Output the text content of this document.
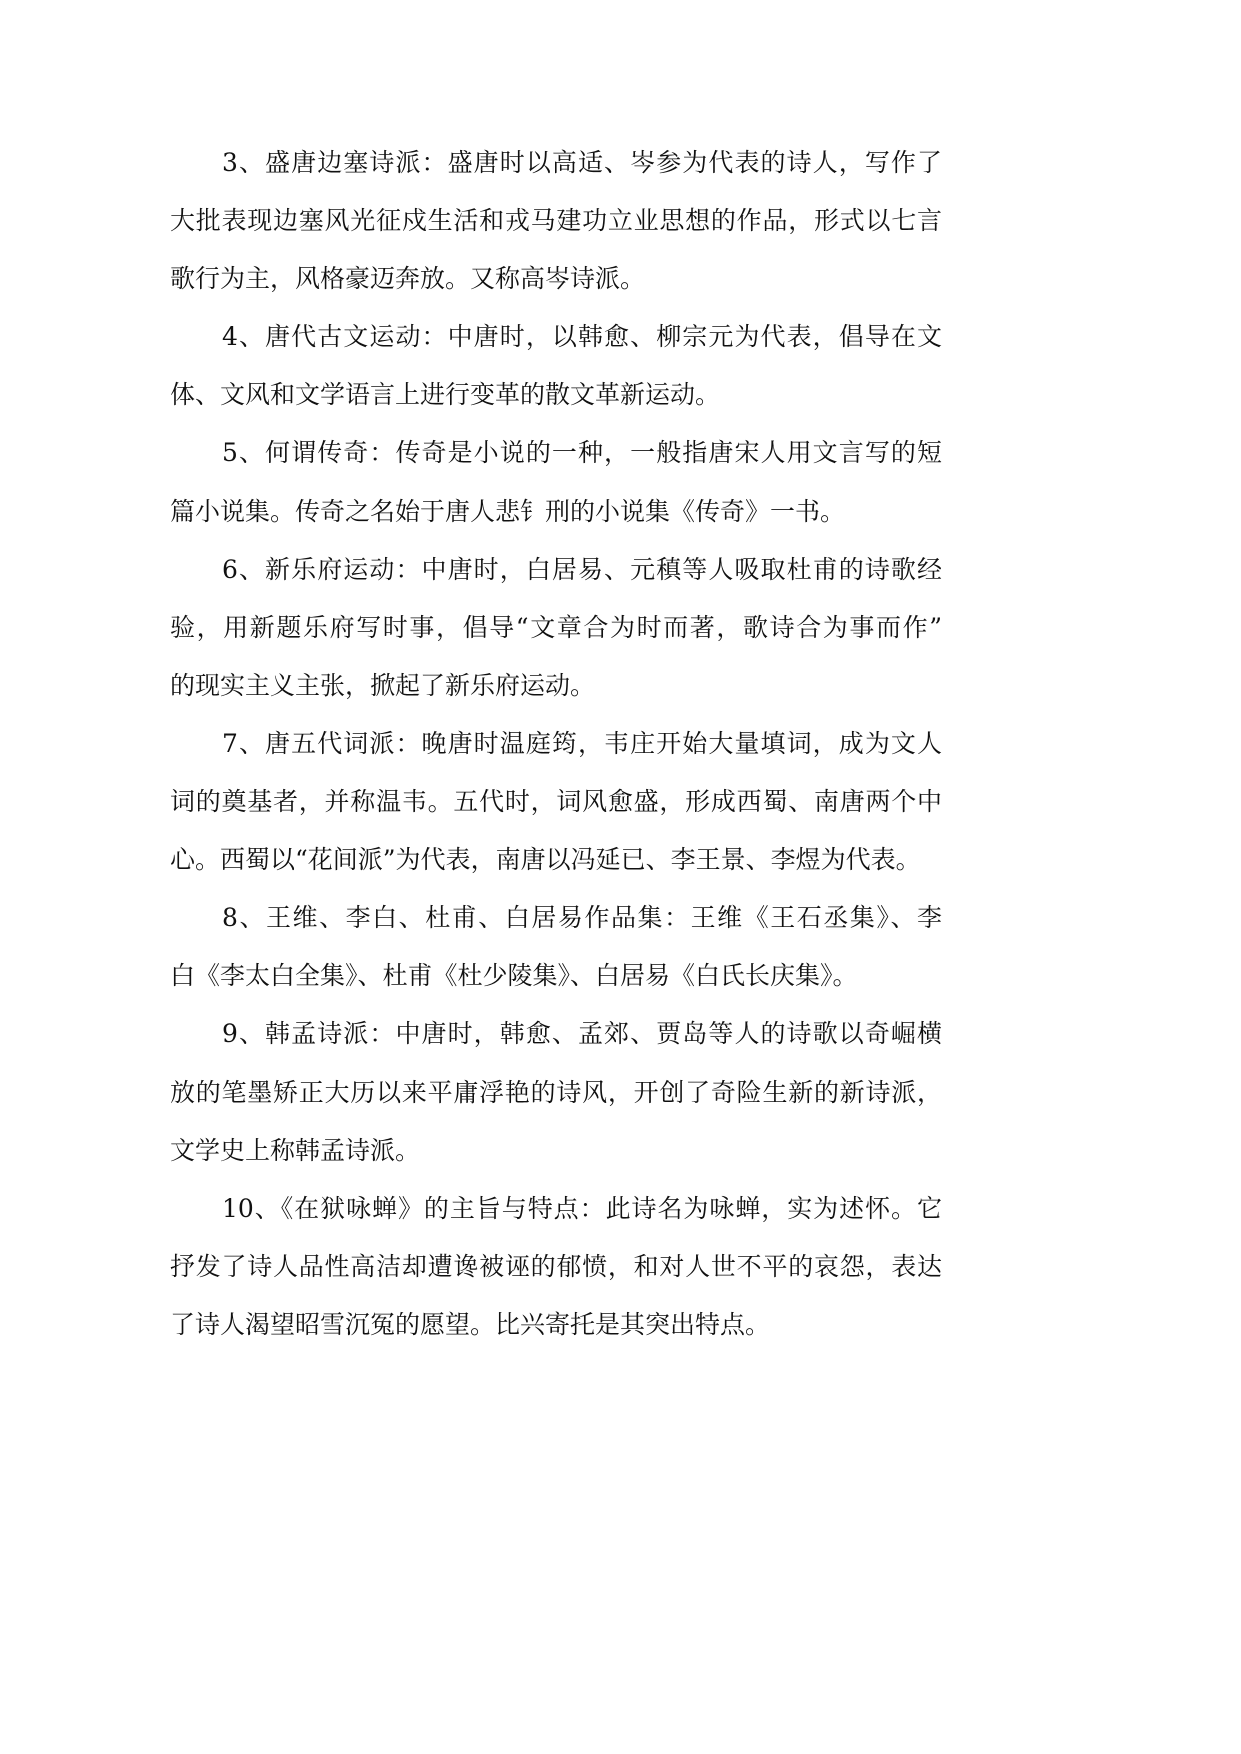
3、盛唐边塞诗派：盛唐时以高适、岑参为代表的诗人，写作了
大批表现边塞风光征戍生活和戎马建功立业思想的作品，形式以七言
歌行为主，风格豪迈奔放。又称高岑诗派。
4、唐代古文运动：中唐时，以韩愈、柳宗元为代表，倡导在文
体、文风和文学语言上进行变革的散文革新运动。
5、何谓传奇：传奇是小说的一种，一般指唐宋人用文言写的短
篇小说集。传奇之名始于唐人悲钅刑的小说集《传奇》一书。
6、新乐府运动：中唐时，白居易、元稹等人吸取杜甫的诗歌经
验，用新题乐府写时事，倡导“文章合为时而著，歌诗合为事而作”
的现实主义主张，掀起了新乐府运动。
7、唐五代词派：晚唐时温庭筠，韦庄开始大量填词，成为文人
词的奠基者，并称温韦。五代时，词风愈盛，形成西蜀、南唐两个中
心。西蜀以“花间派”为代表，南唐以冯延已、李王景、李煜为代表。
8、王维、李白、杜甫、白居易作品集：王维《王石丞集》、李
白《李太白全集》、杜甫《杜少陵集》、白居易《白氏长庆集》。
9、韩孟诗派：中唐时，韩愈、孟郊、贾岛等人的诗歌以奇崛横
放的笔墨矫正大历以来平庸浮艳的诗风，开创了奇险生新的新诗派，
文学史上称韩孟诗派。
10、《在狱咏蝉》的主旨与特点：此诗名为咏蝉，实为述怀。它
抒发了诗人品性高洁却遭谗被诬的郁愤，和对人世不平的哀怨，表达
了诗人渴望昭雪沉冤的愿望。比兴寄托是其突出特点。
